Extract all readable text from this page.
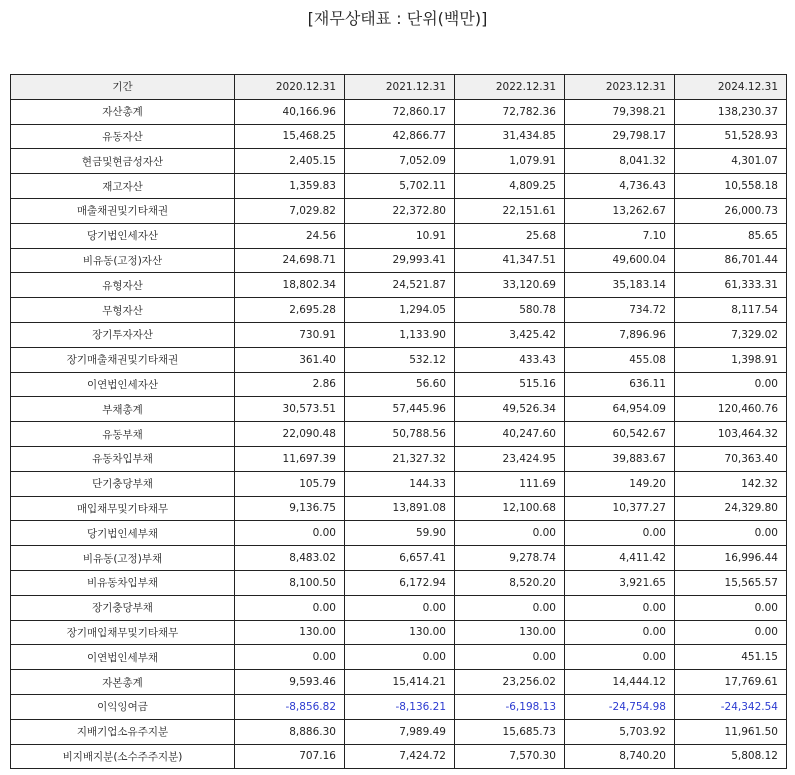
[재무상태표 : 단위(백만)]
기간	2020.12.31	2021.12.31	2022.12.31	2023.12.31	2024.12.31
자산총계	40,166.96	72,860.17	72,782.36	79,398.21	138,230.37
유동자산	15,468.25	42,866.77	31,434.85	29,798.17	51,528.93
현금및현금성자산	2,405.15	7,052.09	1,079.91	8,041.32	4,301.07
재고자산	1,359.83	5,702.11	4,809.25	4,736.43	10,558.18
매출채권및기타채권	7,029.82	22,372.80	22,151.61	13,262.67	26,000.73
당기법인세자산	24.56	10.91	25.68	7.10	85.65
비유동(고정)자산	24,698.71	29,993.41	41,347.51	49,600.04	86,701.44
유형자산	18,802.34	24,521.87	33,120.69	35,183.14	61,333.31
무형자산	2,695.28	1,294.05	580.78	734.72	8,117.54
장기투자자산	730.91	1,133.90	3,425.42	7,896.96	7,329.02
장기매출채권및기타채권	361.40	532.12	433.43	455.08	1,398.91
이연법인세자산	2.86	56.60	515.16	636.11	0.00
부채총계	30,573.51	57,445.96	49,526.34	64,954.09	120,460.76
유동부채	22,090.48	50,788.56	40,247.60	60,542.67	103,464.32
유동차입부채	11,697.39	21,327.32	23,424.95	39,883.67	70,363.40
단기충당부채	105.79	144.33	111.69	149.20	142.32
매입채무및기타채무	9,136.75	13,891.08	12,100.68	10,377.27	24,329.80
당기법인세부채	0.00	59.90	0.00	0.00	0.00
비유동(고정)부채	8,483.02	6,657.41	9,278.74	4,411.42	16,996.44
비유동차입부채	8,100.50	6,172.94	8,520.20	3,921.65	15,565.57
장기충당부채	0.00	0.00	0.00	0.00	0.00
장기매입채무및기타채무	130.00	130.00	130.00	0.00	0.00
이연법인세부채	0.00	0.00	0.00	0.00	451.15
자본총계	9,593.46	15,414.21	23,256.02	14,444.12	17,769.61
이익잉여금	-8,856.82	-8,136.21	-6,198.13	-24,754.98	-24,342.54
지배기업소유주지분	8,886.30	7,989.49	15,685.73	5,703.92	11,961.50
비지배지분(소수주주지분)	707.16	7,424.72	7,570.30	8,740.20	5,808.12
